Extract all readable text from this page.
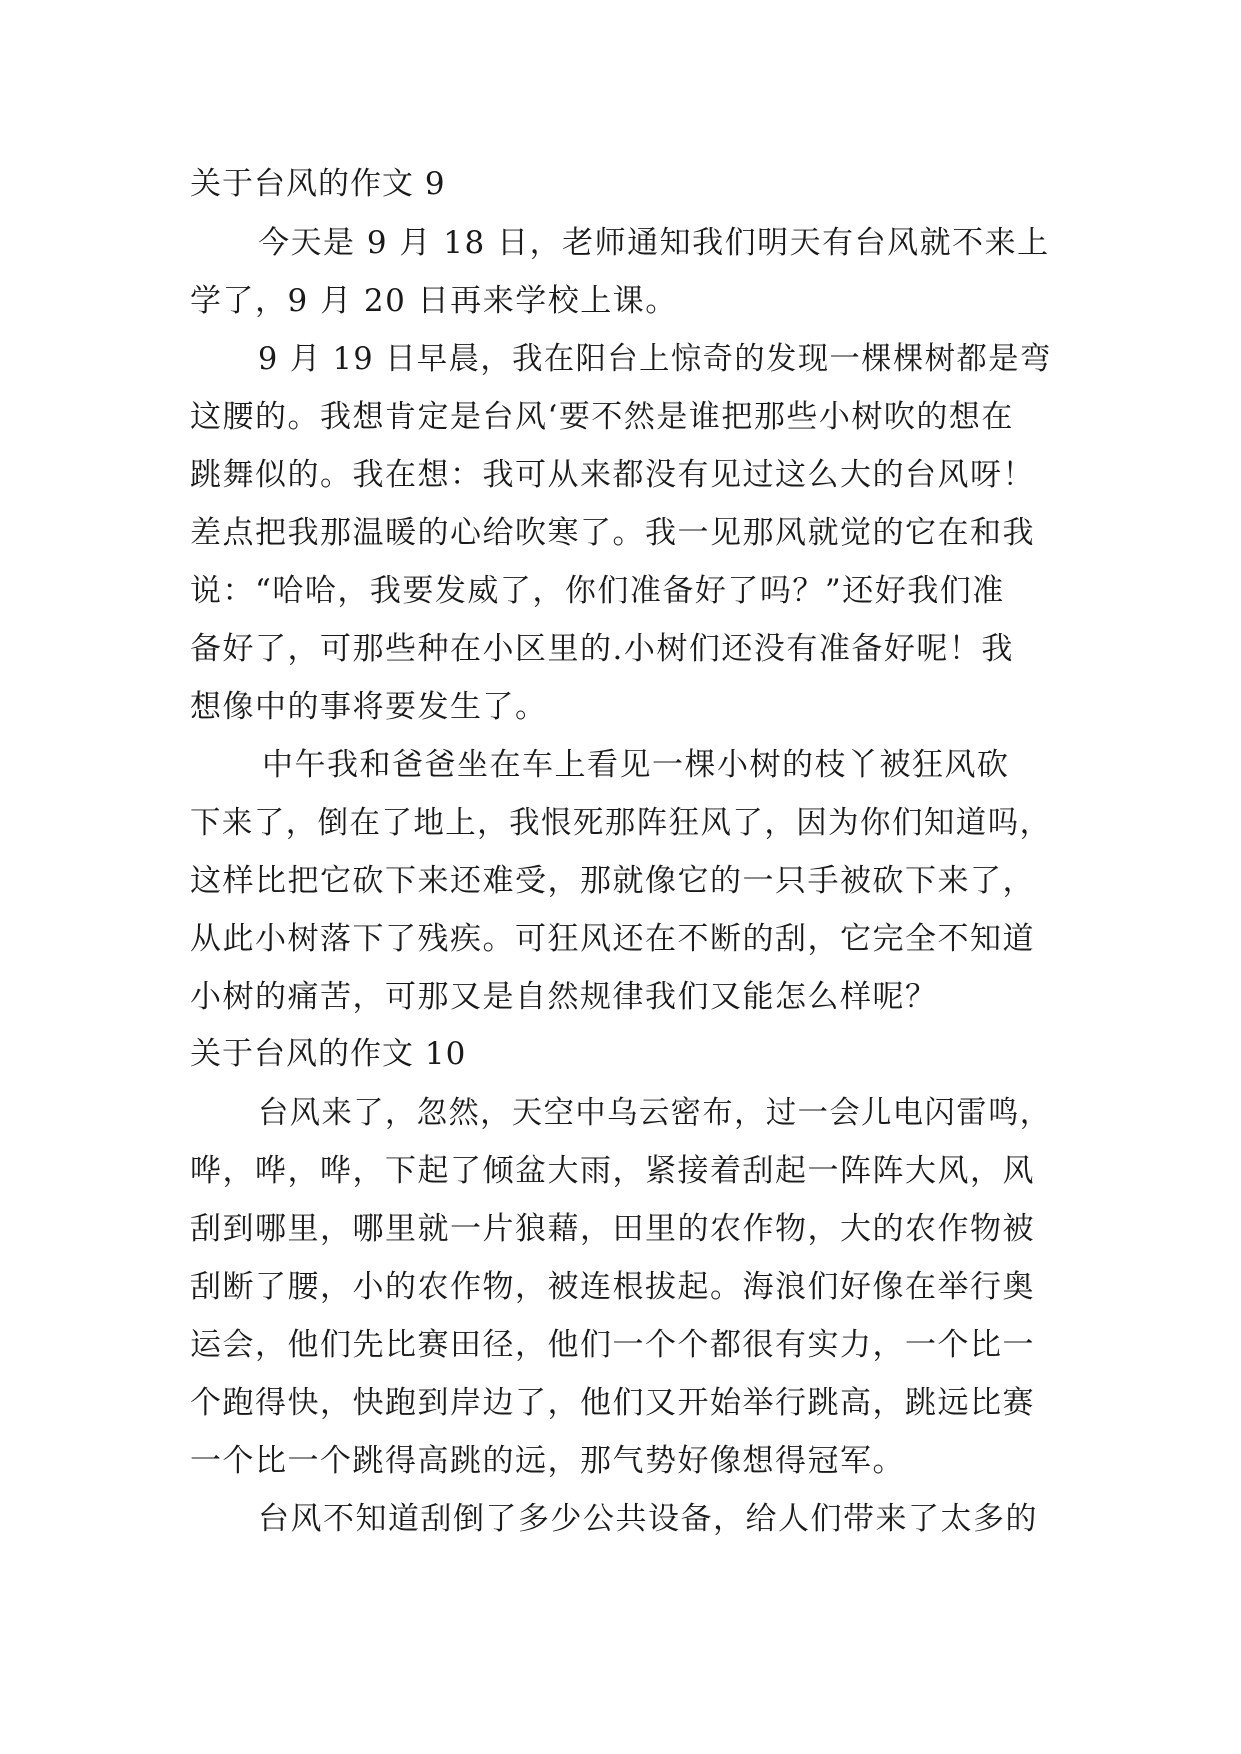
关于台风的作文 9
今天是 9 月 18 日，老师通知我们明天有台风就不来上
学了，9 月 20 日再来学校上课。
9 月 19 日早晨，我在阳台上惊奇的发现一棵棵树都是弯
这腰的。我想肯定是台风‘要不然是谁把那些小树吹的想在
跳舞似的。我在想：我可从来都没有见过这么大的台风呀！
差点把我那温暖的心给吹寒了。我一见那风就觉的它在和我
说：“哈哈，我要发威了，你们准备好了吗？”还好我们准
备好了，可那些种在小区里的.小树们还没有准备好呢！我
想像中的事将要发生了。
中午我和爸爸坐在车上看见一棵小树的枝丫被狂风砍
下来了，倒在了地上，我恨死那阵狂风了，因为你们知道吗，
这样比把它砍下来还难受，那就像它的一只手被砍下来了，
从此小树落下了残疾。可狂风还在不断的刮，它完全不知道
小树的痛苦，可那又是自然规律我们又能怎么样呢？
关于台风的作文 10
台风来了，忽然，天空中乌云密布，过一会儿电闪雷鸣，
哗，哗，哗，下起了倾盆大雨，紧接着刮起一阵阵大风，风
刮到哪里，哪里就一片狼藉，田里的农作物，大的农作物被
刮断了腰，小的农作物，被连根拔起。海浪们好像在举行奥
运会，他们先比赛田径，他们一个个都很有实力，一个比一
个跑得快，快跑到岸边了，他们又开始举行跳高，跳远比赛
一个比一个跳得高跳的远，那气势好像想得冠军。
台风不知道刮倒了多少公共设备，给人们带来了太多的
